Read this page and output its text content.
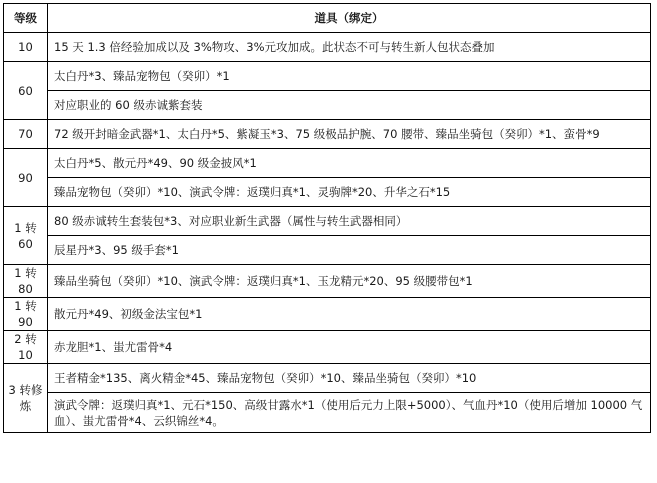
等级	道具（绑定）
10	15 天 1.3 倍经验加成以及 3%物攻、3%元攻加成。此状态不可与转生新人包状态叠加
60	太白丹*3、臻品宠物包（癸卯）*1
	对应职业的 60 级赤诚紫套装
70	72 级开封暗金武器*1、太白丹*5、紫凝玉*3、75 级极品护腕、70 腰带、臻品坐骑包（癸卯）*1、蛮骨*9
90	太白丹*5、散元丹*49、90 级金披风*1
	臻品宠物包（癸卯）*10、演武令牌：返璞归真*1、灵驹牌*20、升华之石*15
1 转 60	80 级赤诚转生套装包*3、对应职业新生武器（属性与转生武器相同）
	辰星丹*3、95 级手套*1
1 转 80	臻品坐骑包（癸卯）*10、演武令牌：返璞归真*1、玉龙精元*20、95 级腰带包*1
1 转 90	散元丹*49、初级金法宝包*1
2 转 10	赤龙胆*1、蚩尤雷骨*4
3 转修炼	王者精金*135、离火精金*45、臻品宠物包（癸卯）*10、臻品坐骑包（癸卯）*10
	演武令牌：返璞归真*1、元石*150、高级甘露水*1（使用后元力上限+5000）、气血丹*10（使用后增加 10000 气血）、蚩尤雷骨*4、云织锦丝*4。
